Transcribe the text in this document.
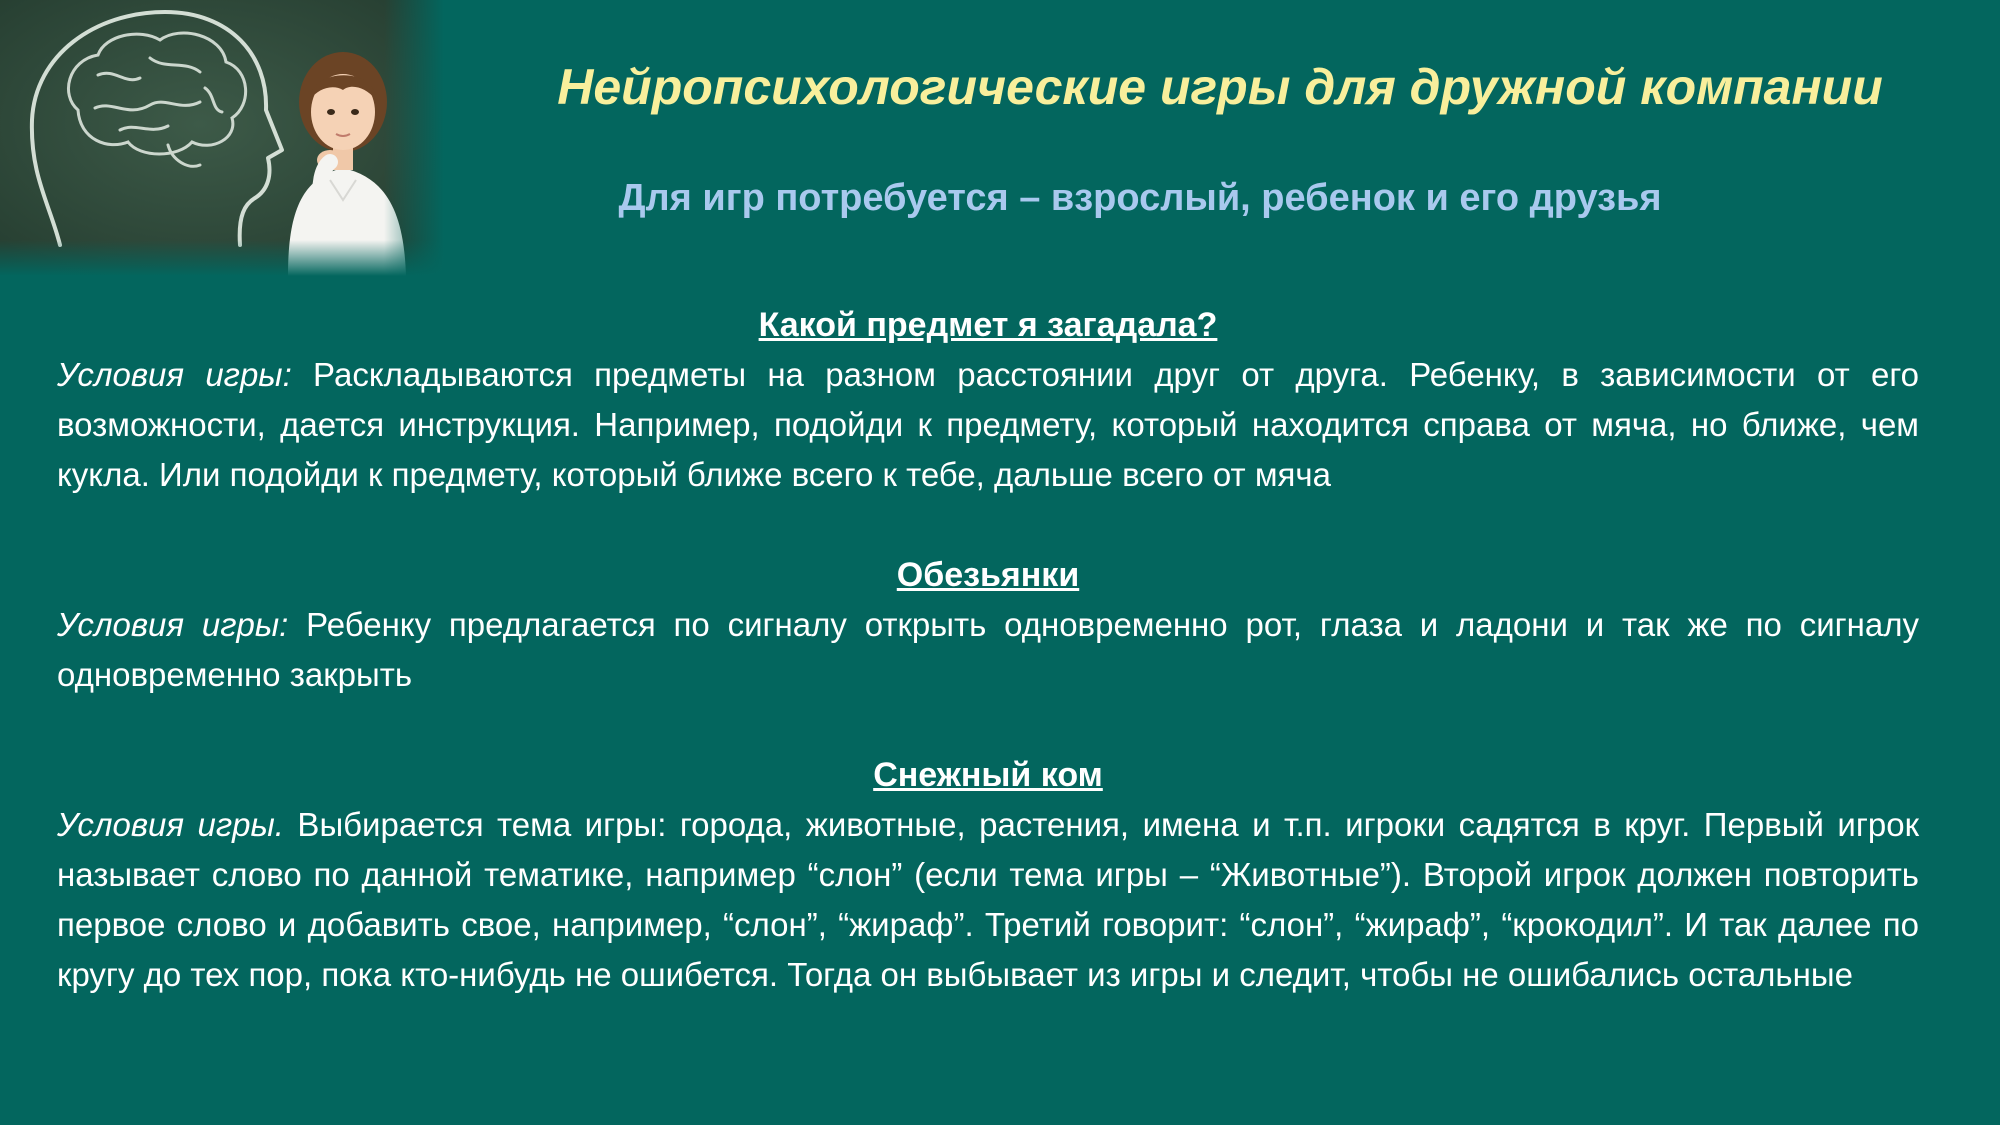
Нейропсихологические игры для дружной компании
Для игр потребуется – взрослый, ребенок и его друзья

Какой предмет я загадала?

Условия игры: Раскладываются предметы на разном расстоянии друг от друга. Ребенку, в зависимости от его возможности, дается инструкция. Например, подойди к предмету, который находится справа от мяча, но ближе, чем кукла. Или подойди к предмету, который ближе всего к тебе, дальше всего от мяча

Обезьянки

Условия игры: Ребенку предлагается по сигналу открыть одновременно рот, глаза и ладони и так же по сигналу одновременно закрыть

Снежный ком

Условия игры. Выбирается тема игры: города, животные, растения, имена и т.п. игроки садятся в круг. Первый игрок называет слово по данной тематике, например “слон” (если тема игры – “Животные”). Второй игрок должен повторить первое слово и добавить свое, например, “слон”, “жираф”. Третий говорит: “слон”, “жираф”, “крокодил”. И так далее по кругу до тех пор, пока кто-нибудь не ошибется. Тогда он выбывает из игры и следит, чтобы не ошибались остальные
